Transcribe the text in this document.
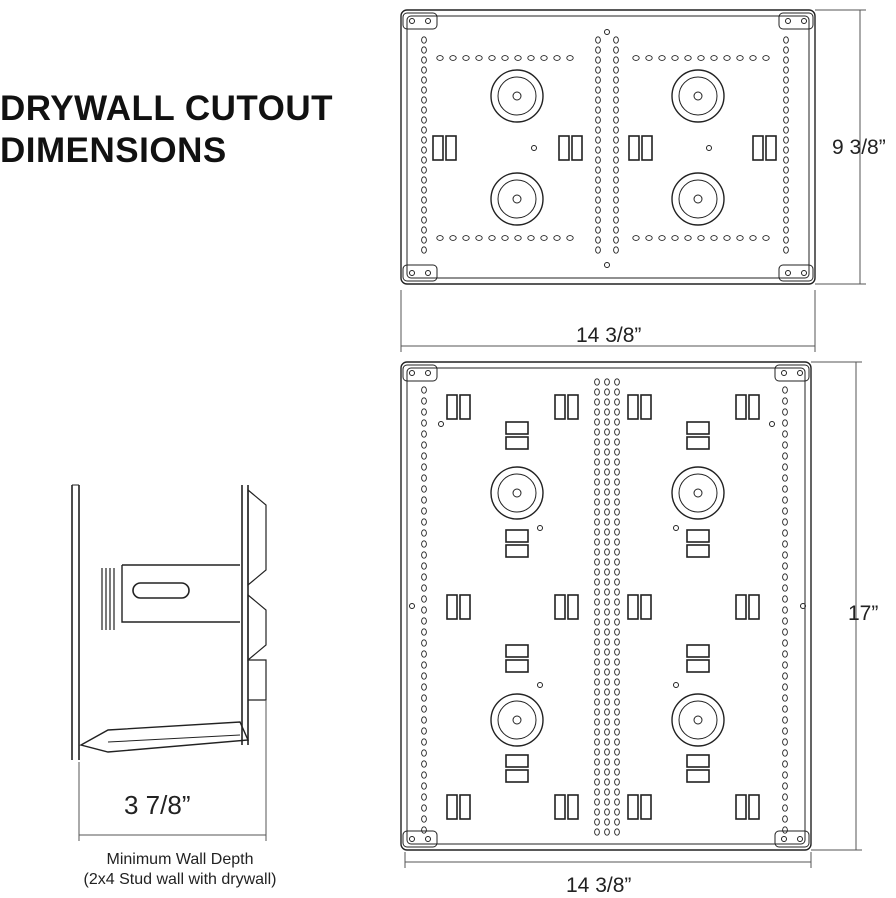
DRYWALL CUTOUT
DIMENSIONS	9 3/8”
14 3/8”
17”
14 3/8”
3 7/8”
Minimum Wall Depth
(2x4 Stud wall with drywall)
